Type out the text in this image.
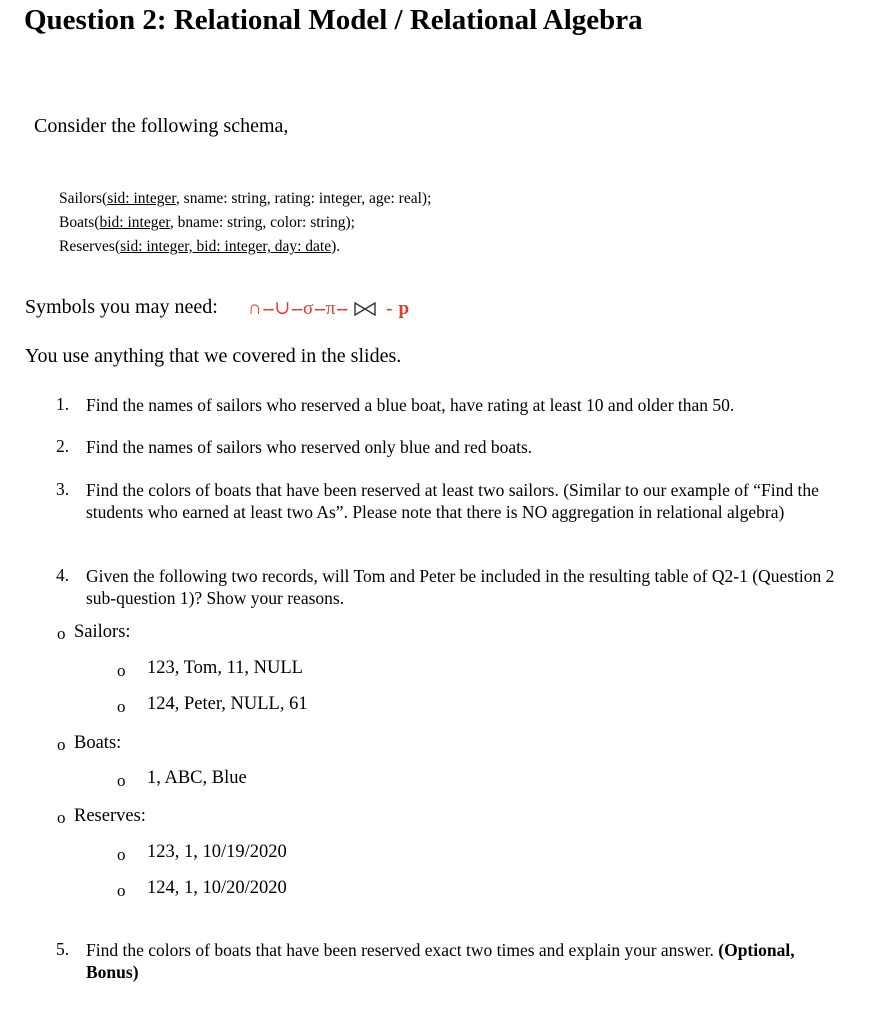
Question 2: Relational Model / Relational Algebra
Consider the following schema,
Sailors(sid: integer, sname: string, rating: integer, age: real);
Boats(bid: integer, bname: string, color: string);
Reserves(sid: integer, bid: integer, day: date).
Symbols you may need: ∩ -- ∪ -- σ -- π -- - p
You use anything that we covered in the slides.
1. Find the names of sailors who reserved a blue boat, have rating at least 10 and older than 50.
2. Find the names of sailors who reserved only blue and red boats.
3. Find the colors of boats that have been reserved at least two sailors. (Similar to our example of “Find the students who earned at least two As”. Please note that there is NO aggregation in relational algebra)
4. Given the following two records, will Tom and Peter be included in the resulting table of Q2-1 (Question 2 sub-question 1)? Show your reasons.
o Sailors:
o 123, Tom, 11, NULL
o 124, Peter, NULL, 61
o Boats:
o 1, ABC, Blue
o Reserves:
o 123, 1, 10/19/2020
o 124, 1, 10/20/2020
5. Find the colors of boats that have been reserved exact two times and explain your answer. (Optional, Bonus)
